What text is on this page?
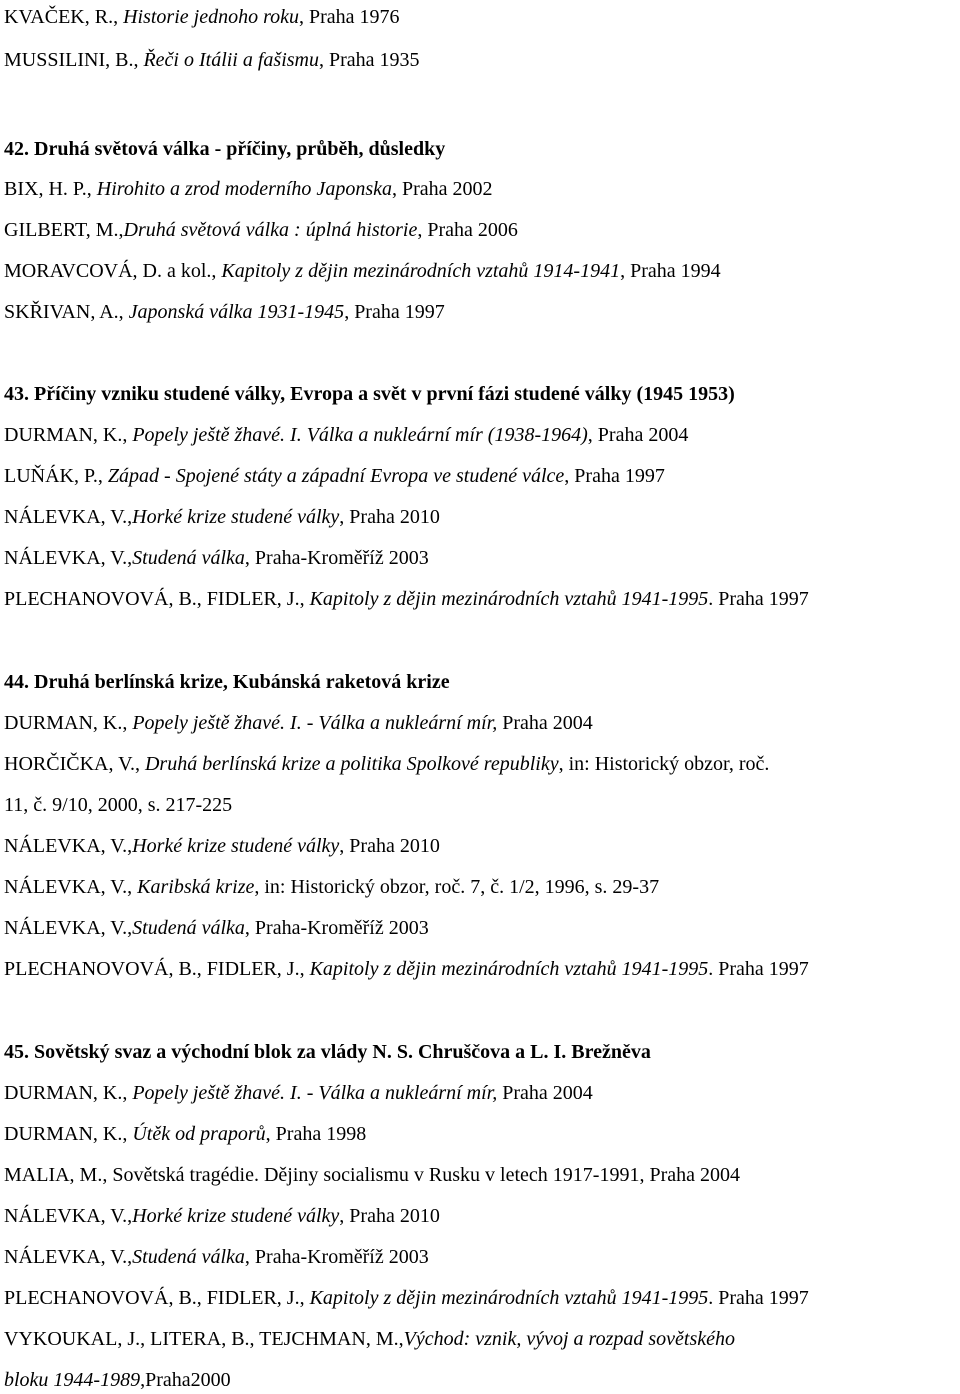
KVAČEK, R., Historie jednoho roku, Praha 1976
MUSSILINI, B., Řeči o Itálii a fašismu, Praha 1935
42. Druhá světová válka - příčiny, průběh, důsledky
BIX, H. P., Hirohito a zrod moderního Japonska, Praha 2002
GILBERT, M.,Druhá světová válka : úplná historie, Praha 2006
MORAVCOVÁ, D. a kol., Kapitoly z dějin mezinárodních vztahů 1914-1941, Praha 1994
SKŘIVAN, A., Japonská válka 1931-1945, Praha 1997
43. Příčiny vzniku studené války, Evropa a svět v první fázi studené války (1945 1953)
DURMAN, K., Popely ještě žhavé. I. Válka a nukleární mír (1938-1964), Praha 2004
LUŇÁK, P., Západ - Spojené státy a západní Evropa ve studené válce, Praha 1997
NÁLEVKA, V.,Horké krize studené války, Praha 2010
NÁLEVKA, V.,Studená válka, Praha-Kroměříž 2003
PLECHANOVOVÁ, B., FIDLER, J., Kapitoly z dějin mezinárodních vztahů 1941-1995. Praha 1997
44. Druhá berlínská krize, Kubánská raketová krize
DURMAN, K., Popely ještě žhavé. I. - Válka a nukleární mír, Praha 2004
HORČIČKA, V., Druhá berlínská krize a politika Spolkové republiky, in: Historický obzor, roč.
11, č. 9/10, 2000, s. 217-225
NÁLEVKA, V.,Horké krize studené války, Praha 2010
NÁLEVKA, V., Karibská krize, in: Historický obzor, roč. 7, č. 1/2, 1996, s. 29-37
NÁLEVKA, V.,Studená válka, Praha-Kroměříž 2003
PLECHANOVOVÁ, B., FIDLER, J., Kapitoly z dějin mezinárodních vztahů 1941-1995. Praha 1997
45. Sovětský svaz a východní blok za vlády N. S. Chruščova a L. I. Brežněva
DURMAN, K., Popely ještě žhavé. I. - Válka a nukleární mír, Praha 2004
DURMAN, K., Útěk od praporů, Praha 1998
MALIA, M., Sovětská tragédie. Dějiny socialismu v Rusku v letech 1917-1991, Praha 2004
NÁLEVKA, V.,Horké krize studené války, Praha 2010
NÁLEVKA, V.,Studená válka, Praha-Kroměříž 2003
PLECHANOVOVÁ, B., FIDLER, J., Kapitoly z dějin mezinárodních vztahů 1941-1995. Praha 1997
VYKOUKAL, J., LITERA, B., TEJCHMAN, M.,Východ: vznik, vývoj a rozpad sovětského
bloku 1944-1989,Praha2000
